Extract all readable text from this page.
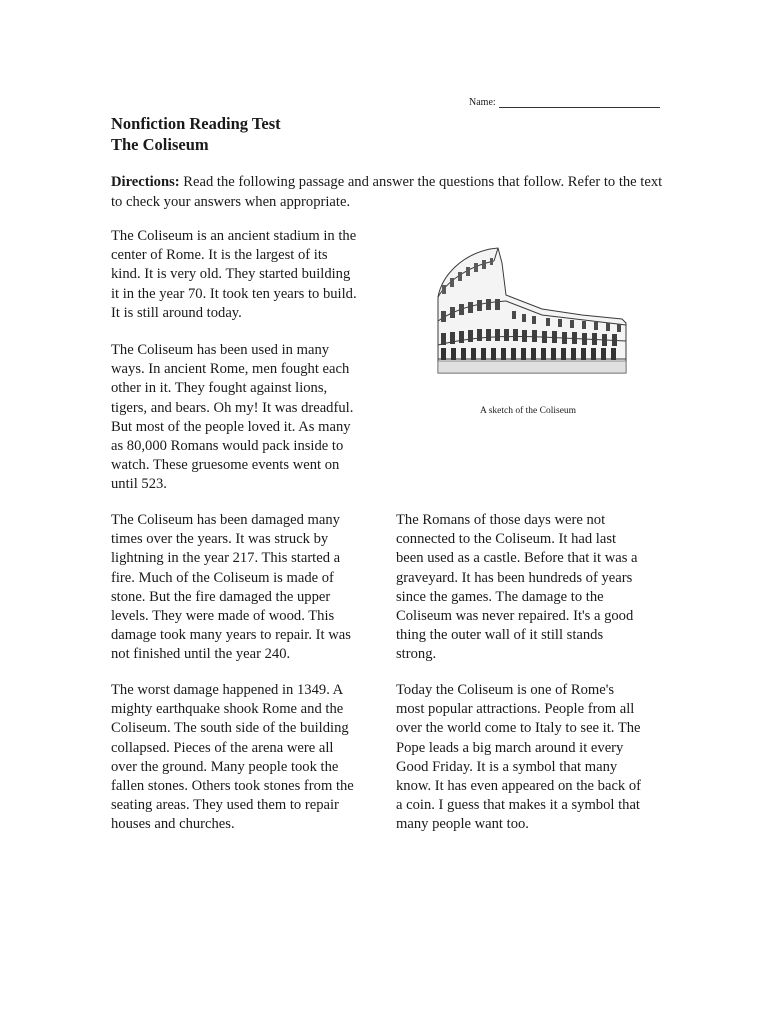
Name:
Nonfiction Reading Test
The Coliseum
Directions: Read the following passage and answer the questions that follow. Refer to the text to check your answers when appropriate.

The Coliseum is an ancient stadium in the
center of Rome. It is the largest of its
kind. It is very old. They started building
it in the year 70. It took ten years to build.
It is still around today.

The Coliseum has been used in many
ways. In ancient Rome, men fought each
other in it. They fought against lions,
tigers, and bears. Oh my! It was dreadful.
But most of the people loved it. As many
as 80,000 Romans would pack inside to
watch. These gruesome events went on
until 523.

The Coliseum has been damaged many
times over the years. It was struck by
lightning in the year 217. This started a
fire. Much of the Coliseum is made of
stone. But the fire damaged the upper
levels. They were made of wood. This
damage took many years to repair. It was
not finished until the year 240.

The worst damage happened in 1349. A
mighty earthquake shook Rome and the
Coliseum. The south side of the building
collapsed. Pieces of the arena were all
over the ground. Many people took the
fallen stones. Others took stones from the
seating areas. They used them to repair
houses and churches.

The Romans of those days were not
connected to the Coliseum. It had last
been used as a castle. Before that it was a
graveyard. It has been hundreds of years
since the games. The damage to the
Coliseum was never repaired. It's a good
thing the outer wall of it still stands
strong.

Today the Coliseum is one of Rome's
most popular attractions. People from all
over the world come to Italy to see it. The
Pope leads a big march around it every
Good Friday. It is a symbol that many
know. It has even appeared on the back of
a coin. I guess that makes it a symbol that
many people want too.

A sketch of the Coliseum
